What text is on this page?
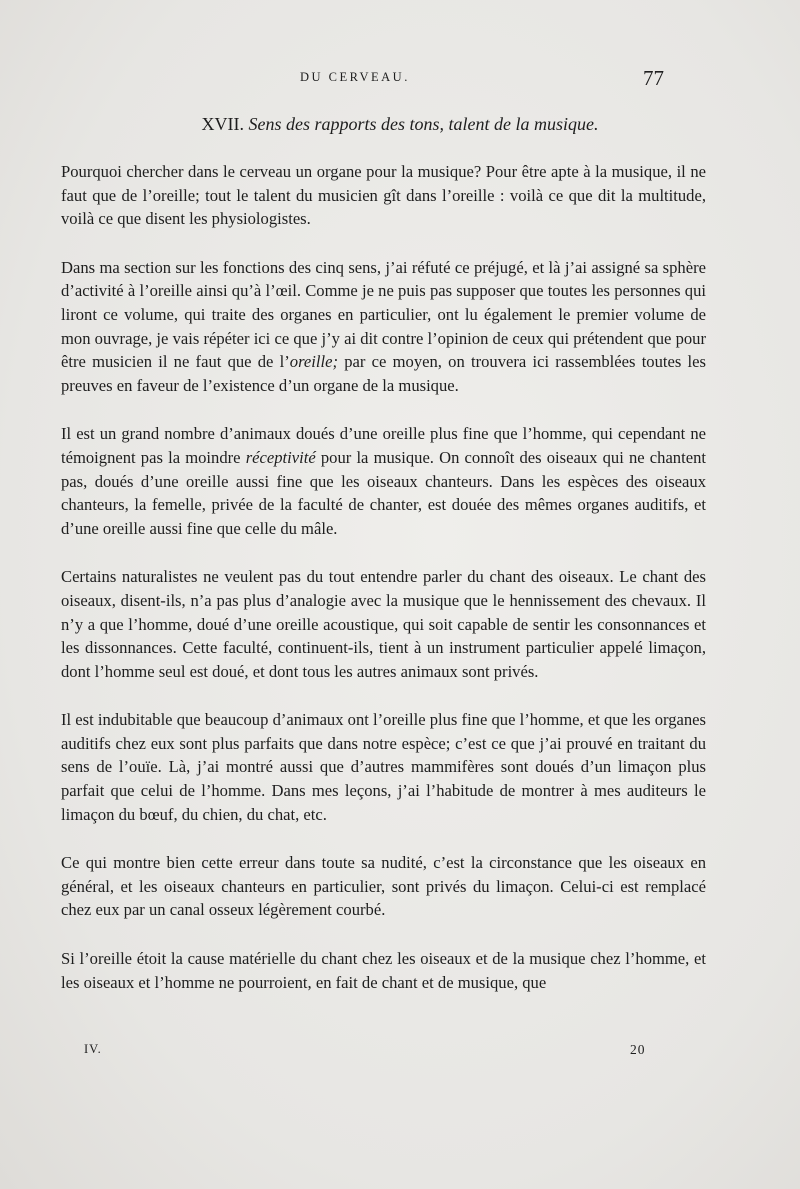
DU CERVEAU.	77
XVII. Sens des rapports des tons, talent de la musique.

Pourquoi chercher dans le cerveau un organe pour la musique? Pour être apte à la musique, il ne faut que de l’oreille; tout le talent du musicien gît dans l’oreille : voilà ce que dit la multitude, voilà ce que disent les physiologistes.

Dans ma section sur les fonctions des cinq sens, j’ai réfuté ce préjugé, et là j’ai assigné sa sphère d’activité à l’oreille ainsi qu’à l’œil. Comme je ne puis pas supposer que toutes les personnes qui liront ce volume, qui traite des organes en particulier, ont lu également le premier volume de mon ouvrage, je vais répéter ici ce que j’y ai dit contre l’opinion de ceux qui prétendent que pour être musicien il ne faut que de l’oreille; par ce moyen, on trouvera ici rassemblées toutes les preuves en faveur de l’existence d’un organe de la musique.

Il est un grand nombre d’animaux doués d’une oreille plus fine que l’homme, qui cependant ne témoignent pas la moindre réceptivité pour la musique. On connoît des oiseaux qui ne chantent pas, doués d’une oreille aussi fine que les oiseaux chanteurs. Dans les espèces des oiseaux chanteurs, la femelle, privée de la faculté de chanter, est douée des mêmes organes auditifs, et d’une oreille aussi fine que celle du mâle.

Certains naturalistes ne veulent pas du tout entendre parler du chant des oiseaux. Le chant des oiseaux, disent-ils, n’a pas plus d’analogie avec la musique que le hennissement des chevaux. Il n’y a que l’homme, doué d’une oreille acoustique, qui soit capable de sentir les consonnances et les dissonnances. Cette faculté, continuent-ils, tient à un instrument particulier appelé limaçon, dont l’homme seul est doué, et dont tous les autres animaux sont privés.

Il est indubitable que beaucoup d’animaux ont l’oreille plus fine que l’homme, et que les organes auditifs chez eux sont plus parfaits que dans notre espèce; c’est ce que j’ai prouvé en traitant du sens de l’ouïe. Là, j’ai montré aussi que d’autres mammifères sont doués d’un limaçon plus parfait que celui de l’homme. Dans mes leçons, j’ai l’habitude de montrer à mes auditeurs le limaçon du bœuf, du chien, du chat, etc.

Ce qui montre bien cette erreur dans toute sa nudité, c’est la circonstance que les oiseaux en général, et les oiseaux chanteurs en particulier, sont privés du limaçon. Celui-ci est remplacé chez eux par un canal osseux légèrement courbé.

Si l’oreille étoit la cause matérielle du chant chez les oiseaux et de la musique chez l’homme, et les oiseaux et l’homme ne pourroient, en fait de chant et de musique, que

IV.	20
